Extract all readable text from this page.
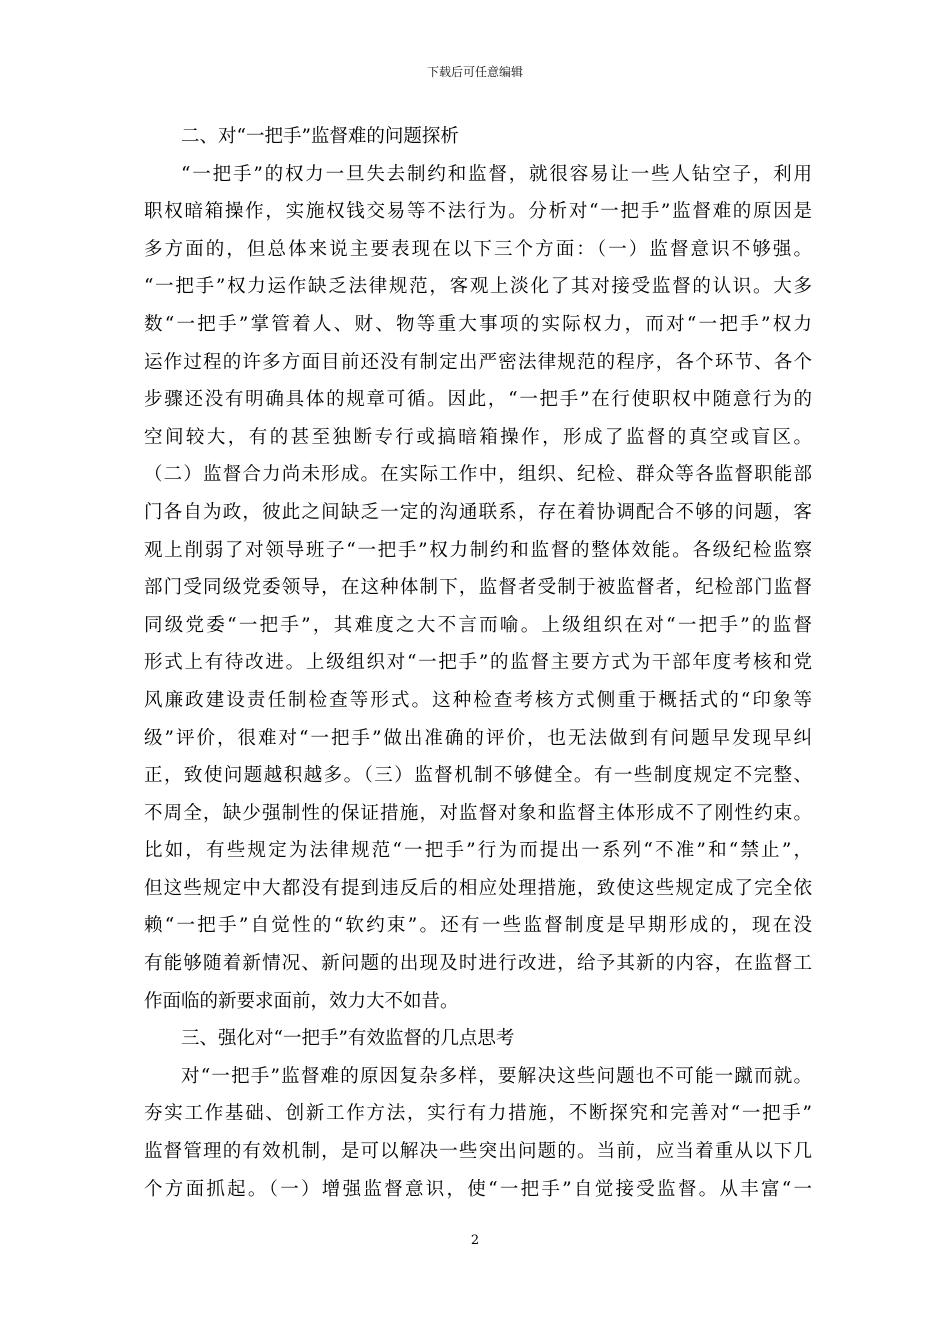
下载后可任意编辑
二、对“一把手”监督难的问题探析
“一把手”的权力一旦失去制约和监督，就很容易让一些人钻空子，利用
职权暗箱操作，实施权钱交易等不法行为。分析对“一把手”监督难的原因是
多方面的，但总体来说主要表现在以下三个方面：（一）监督意识不够强。
“一把手”权力运作缺乏法律规范，客观上淡化了其对接受监督的认识。大多
数“一把手”掌管着人、财、物等重大事项的实际权力，而对“一把手”权力
运作过程的许多方面目前还没有制定出严密法律规范的程序，各个环节、各个
步骤还没有明确具体的规章可循。因此，“一把手”在行使职权中随意行为的
空间较大，有的甚至独断专行或搞暗箱操作，形成了监督的真空或盲区。
（二）监督合力尚未形成。在实际工作中，组织、纪检、群众等各监督职能部
门各自为政，彼此之间缺乏一定的沟通联系，存在着协调配合不够的问题，客
观上削弱了对领导班子“一把手”权力制约和监督的整体效能。各级纪检监察
部门受同级党委领导，在这种体制下，监督者受制于被监督者，纪检部门监督
同级党委“一把手”，其难度之大不言而喻。上级组织在对“一把手”的监督
形式上有待改进。上级组织对“一把手”的监督主要方式为干部年度考核和党
风廉政建设责任制检查等形式。这种检查考核方式侧重于概括式的“印象等
级”评价，很难对“一把手”做出准确的评价，也无法做到有问题早发现早纠
正，致使问题越积越多。（三）监督机制不够健全。有一些制度规定不完整、
不周全，缺少强制性的保证措施，对监督对象和监督主体形成不了刚性约束。
比如，有些规定为法律规范“一把手”行为而提出一系列“不准”和“禁止”，
但这些规定中大都没有提到违反后的相应处理措施，致使这些规定成了完全依
赖“一把手”自觉性的“软约束”。还有一些监督制度是早期形成的，现在没
有能够随着新情况、新问题的出现及时进行改进，给予其新的内容，在监督工
作面临的新要求面前，效力大不如昔。
三、强化对“一把手”有效监督的几点思考
对“一把手”监督难的原因复杂多样，要解决这些问题也不可能一蹴而就。
夯实工作基础、创新工作方法，实行有力措施，不断探究和完善对“一把手”
监督管理的有效机制，是可以解决一些突出问题的。当前，应当着重从以下几
个方面抓起。（一）增强监督意识，使“一把手”自觉接受监督。从丰富“一
2
